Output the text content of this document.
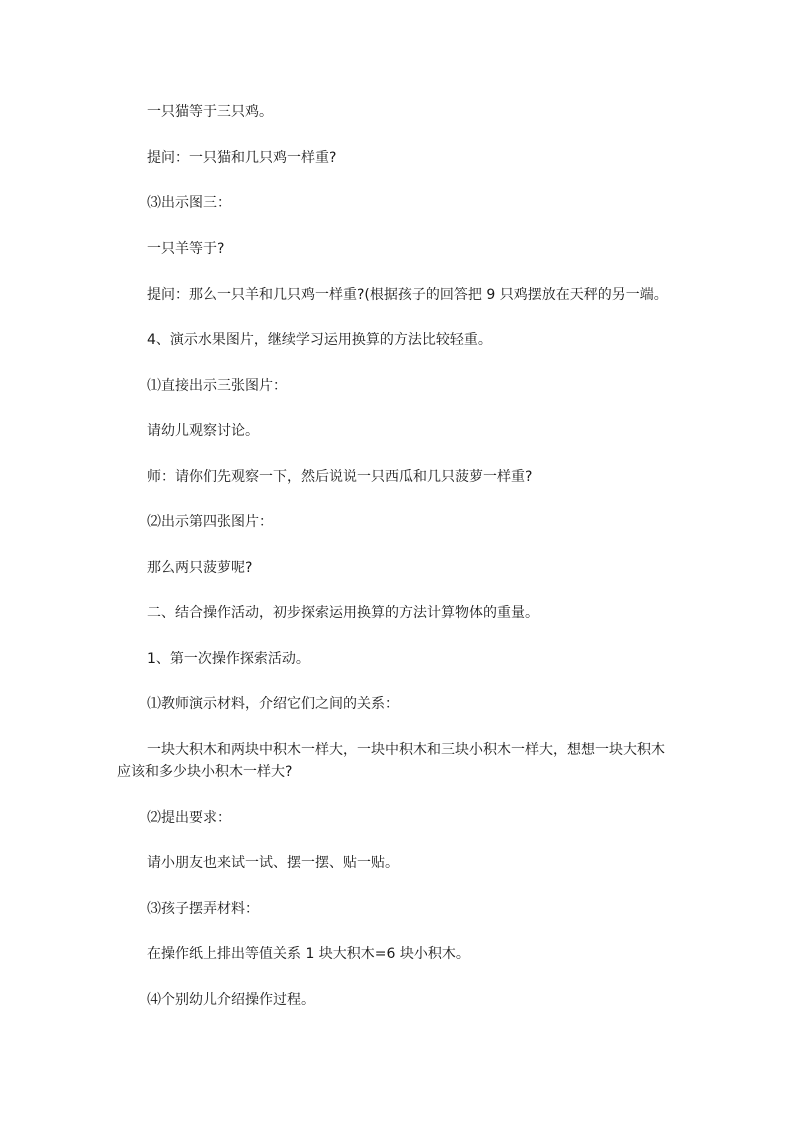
一只猫等于三只鸡。

提问：一只猫和几只鸡一样重?

⑶出示图三：

一只羊等于?

提问：那么一只羊和几只鸡一样重?(根据孩子的回答把 9 只鸡摆放在天秤的另一端。

4、演示水果图片，继续学习运用换算的方法比较轻重。

⑴直接出示三张图片：

请幼儿观察讨论。

师：请你们先观察一下，然后说说一只西瓜和几只菠萝一样重?

⑵出示第四张图片：

那么两只菠萝呢?

二、结合操作活动，初步探索运用换算的方法计算物体的重量。

1、第一次操作探索活动。

⑴教师演示材料，介绍它们之间的关系：

一块大积木和两块中积木一样大，一块中积木和三块小积木一样大，想想一块大积木应该和多少块小积木一样大?

⑵提出要求：

请小朋友也来试一试、摆一摆、贴一贴。

⑶孩子摆弄材料：

在操作纸上排出等值关系 1 块大积木=6 块小积木。

⑷个别幼儿介绍操作过程。
